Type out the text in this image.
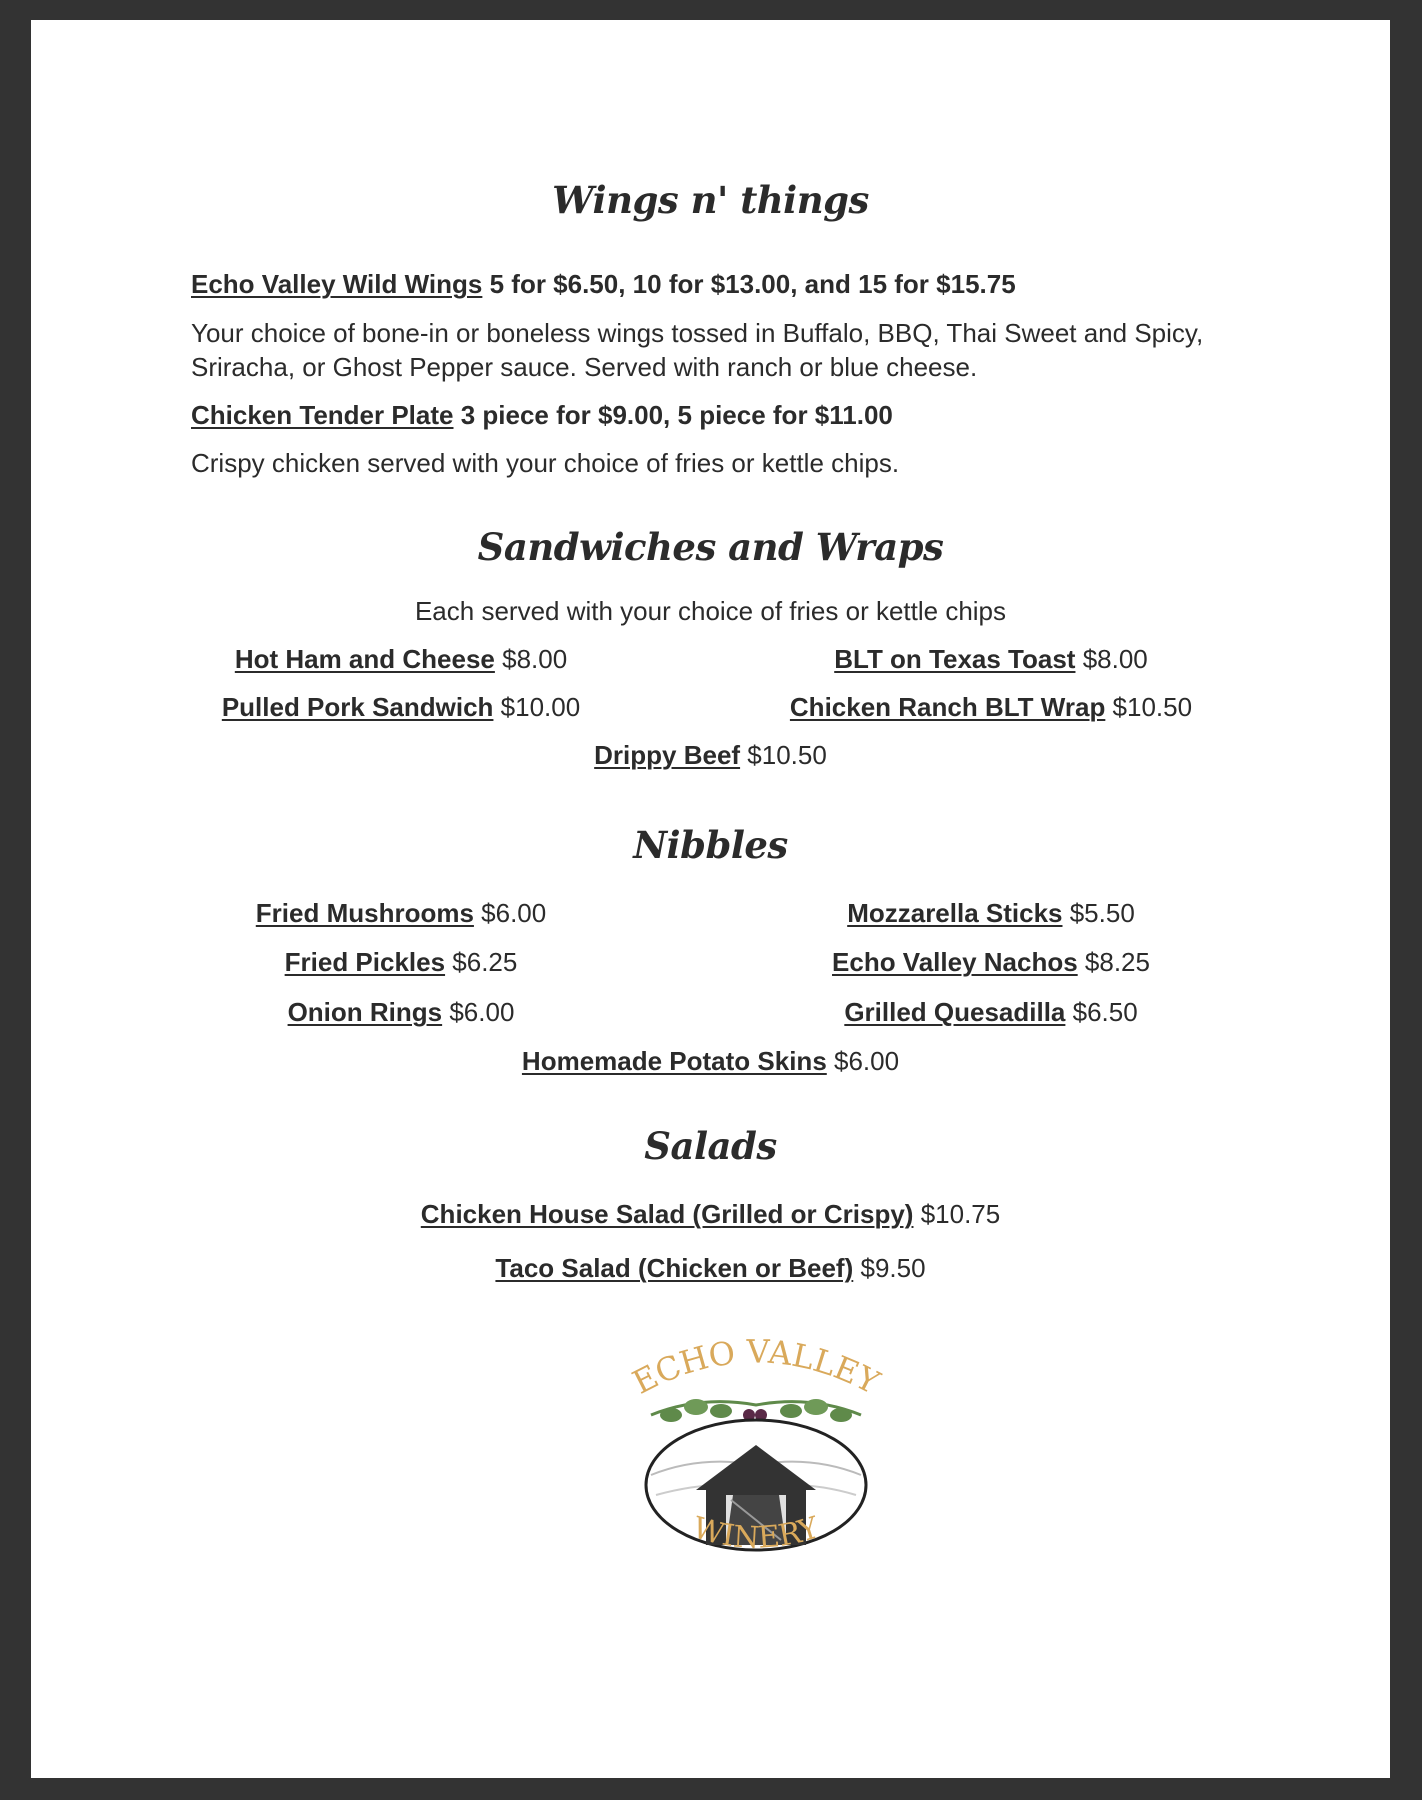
Wings n' things
Echo Valley Wild Wings 5 for $6.50, 10 for $13.00, and 15 for $15.75
Your choice of bone-in or boneless wings tossed in Buffalo, BBQ, Thai Sweet and Spicy, Sriracha, or Ghost Pepper sauce. Served with ranch or blue cheese.
Chicken Tender Plate 3 piece for $9.00, 5 piece for $11.00
Crispy chicken served with your choice of fries or kettle chips.
Sandwiches and Wraps
Each served with your choice of fries or kettle chips
Hot Ham and Cheese $8.00	BLT on Texas Toast $8.00
Pulled Pork Sandwich $10.00	Chicken Ranch BLT Wrap $10.50
Drippy Beef $10.50
Nibbles
Fried Mushrooms $6.00	Mozzarella Sticks $5.50
Fried Pickles $6.25	Echo Valley Nachos $8.25
Onion Rings $6.00	Grilled Quesadilla $6.50
Homemade Potato Skins $6.00
Salads
Chicken House Salad (Grilled or Crispy) $10.75
Taco Salad (Chicken or Beef) $9.50
ECHO VALLEY
WINERY
